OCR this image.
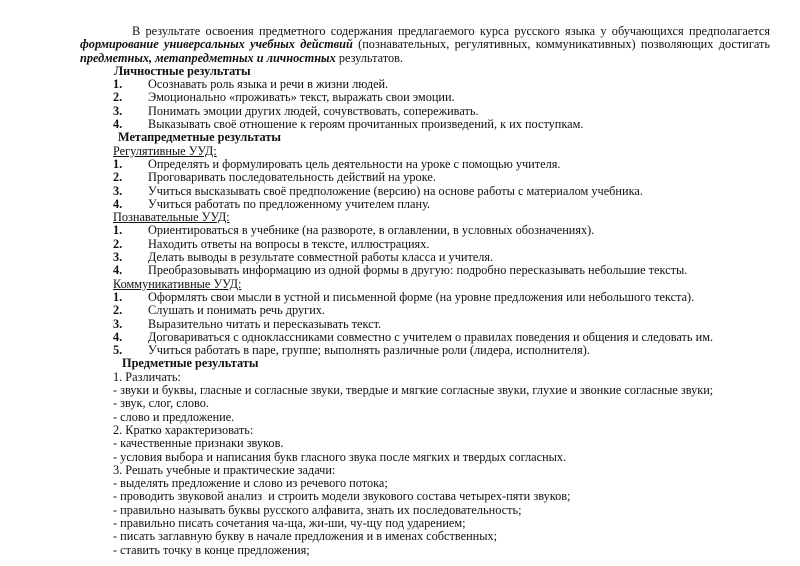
В результате освоения предметного содержания предлагаемого курса русского языка у обучающихся предполагается формирование универсальных учебных действий (познавательных, регулятивных, коммуникативных) позволяющих достигать предметных, метапредметных и личностных результатов.

Личностные результаты
1.	Осознавать роль языка и речи в жизни людей.
2.	Эмоционально «проживать» текст, выражать свои эмоции.
3.	Понимать эмоции других людей, сочувствовать, сопереживать.
4.	Выказывать своё отношение к героям прочитанных произведений, к их поступкам.
Метапредметные результаты
Регулятивные УУД:
1.	Определять и формулировать цель деятельности на уроке с помощью учителя.
2.	Проговаривать последовательность действий на уроке.
3.	Учиться высказывать своё предположение (версию) на основе работы с материалом учебника.
4.	Учиться работать по предложенному учителем плану.
Познавательные УУД:
1.	Ориентироваться в учебнике (на развороте, в оглавлении, в условных обозначениях).
2.	Находить ответы на вопросы в тексте, иллюстрациях.
3.	Делать выводы в результате совместной работы класса и учителя.
4.	Преобразовывать информацию из одной формы в другую: подробно пересказывать небольшие тексты.
Коммуникативные УУД:
1.	Оформлять свои мысли в устной и письменной форме (на уровне предложения или небольшого текста).
2.	Слушать и понимать речь других.
3.	Выразительно читать и пересказывать текст.
4.	Договариваться с одноклассниками совместно с учителем о правилах поведения и общения и следовать им.
5.	Учиться работать в паре, группе; выполнять различные роли (лидера, исполнителя).
Предметные результаты
1. Различать:
- звуки и буквы, гласные и согласные звуки, твердые и мягкие согласные звуки, глухие и звонкие согласные звуки;
- звук, слог, слово.
- слово и предложение.
2. Кратко характеризовать:
- качественные признаки звуков.
- условия выбора и написания букв гласного звука после мягких и твердых согласных.
3. Решать учебные и практические задачи:
- выделять предложение и слово из речевого потока;
- проводить звуковой анализ  и строить модели звукового состава четырех-пяти звуков;
- правильно называть буквы русского алфавита, знать их последовательность;
- правильно писать сочетания ча-ща, жи-ши, чу-щу под ударением;
- писать заглавную букву в начале предложения и в именах собственных;
- ставить точку в конце предложения;
